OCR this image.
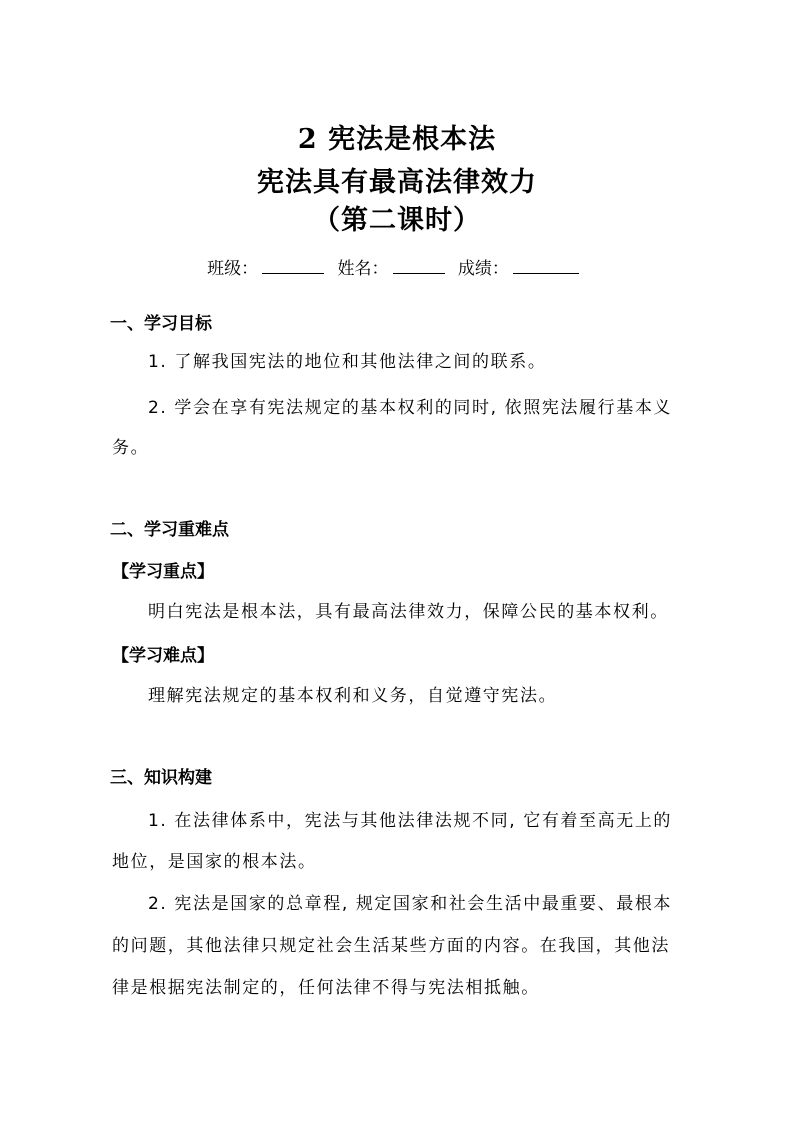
2 宪法是根本法
宪法具有最高法律效力
（第二课时）
班级：	姓名：	成绩：
一、学习目标
1. 了解我国宪法的地位和其他法律之间的联系。
2. 学会在享有宪法规定的基本权利的同时, 依照宪法履行基本义
务。
二、学习重难点
【学习重点】
明白宪法是根本法，具有最高法律效力，保障公民的基本权利。
【学习难点】
理解宪法规定的基本权利和义务，自觉遵守宪法。
三、知识构建
1. 在法律体系中，宪法与其他法律法规不同, 它有着至高无上的
地位，是国家的根本法。
2. 宪法是国家的总章程, 规定国家和社会生活中最重要、最根本
的问题，其他法律只规定社会生活某些方面的内容。在我国，其他法
律是根据宪法制定的，任何法律不得与宪法相抵触。
